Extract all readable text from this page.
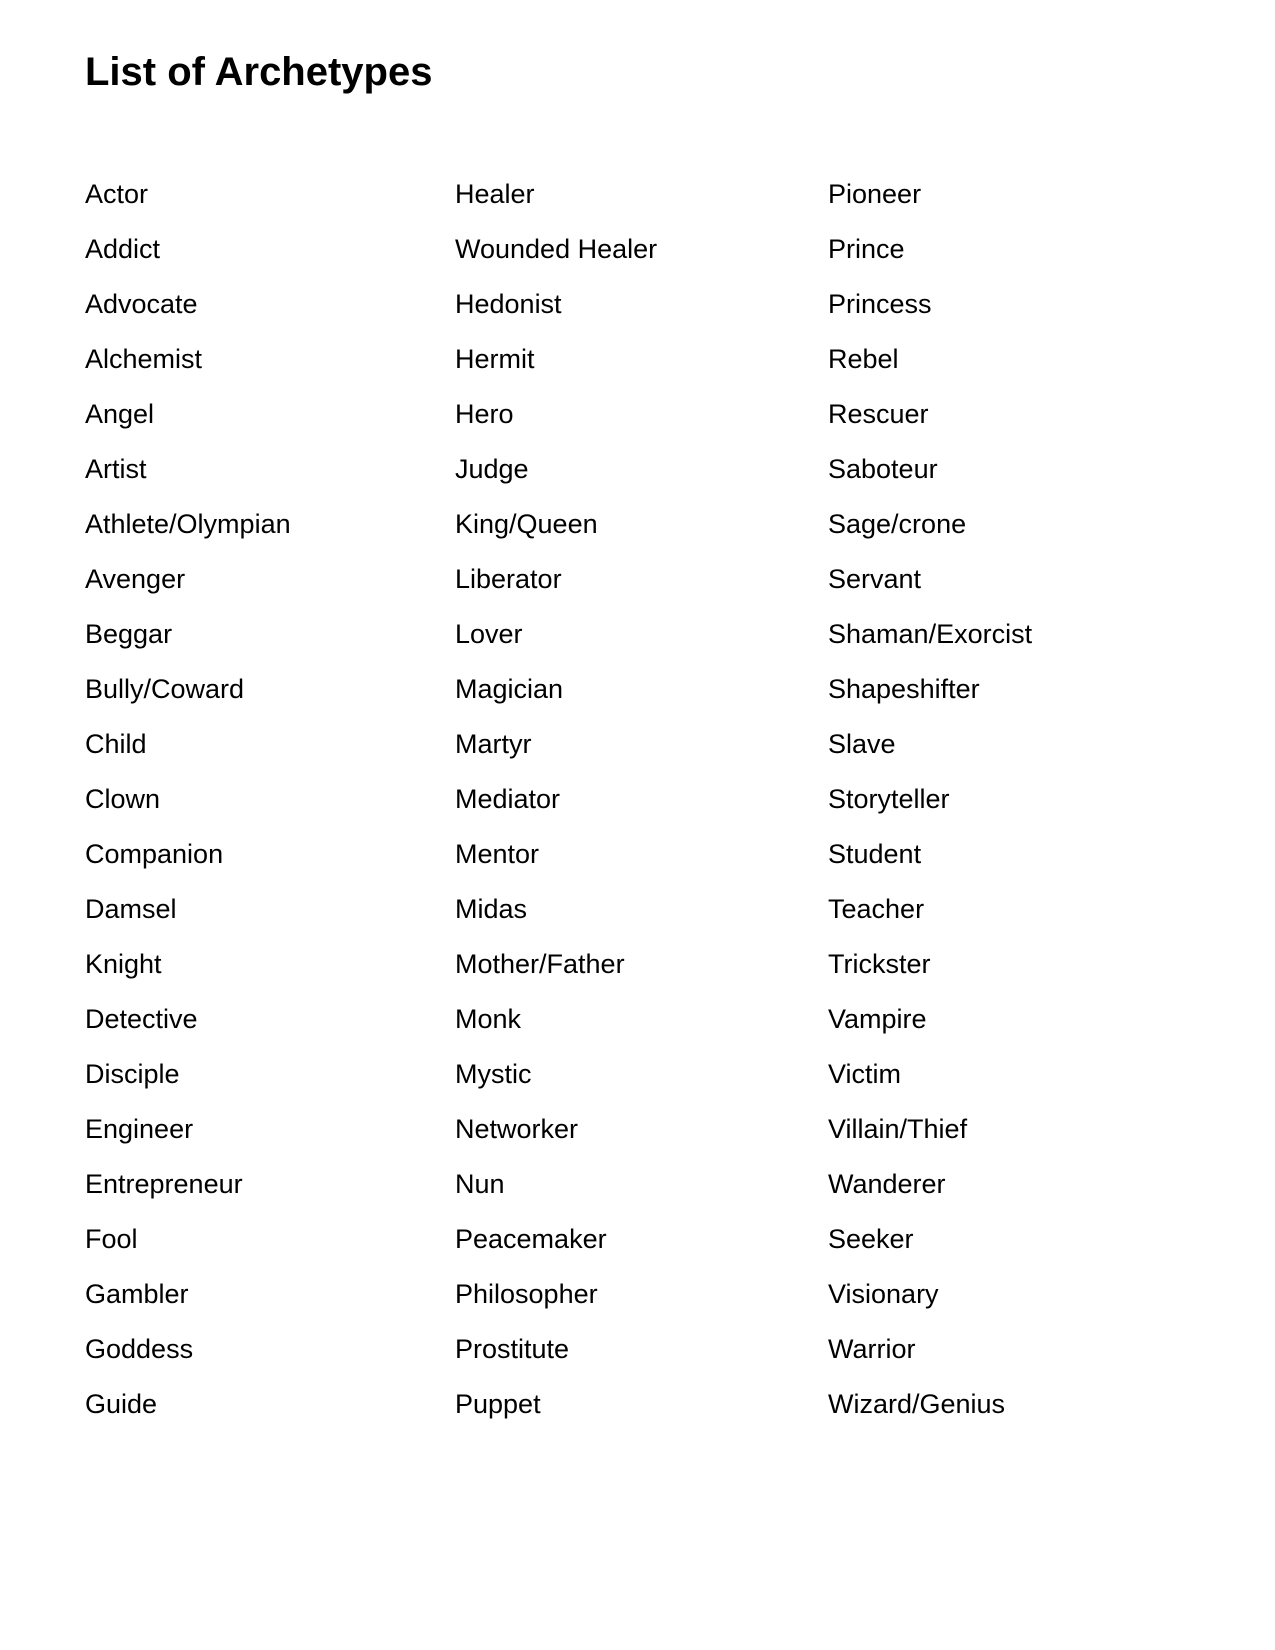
List of Archetypes
Actor
Addict
Advocate
Alchemist
Angel
Artist
Athlete/Olympian
Avenger
Beggar
Bully/Coward
Child
Clown
Companion
Damsel
Knight
Detective
Disciple
Engineer
Entrepreneur
Fool
Gambler
Goddess
Guide
Healer
Wounded Healer
Hedonist
Hermit
Hero
Judge
King/Queen
Liberator
Lover
Magician
Martyr
Mediator
Mentor
Midas
Mother/Father
Monk
Mystic
Networker
Nun
Peacemaker
Philosopher
Prostitute
Puppet
Pioneer
Prince
Princess
Rebel
Rescuer
Saboteur
Sage/crone
Servant
Shaman/Exorcist
Shapeshifter
Slave
Storyteller
Student
Teacher
Trickster
Vampire
Victim
Villain/Thief
Wanderer
Seeker
Visionary
Warrior
Wizard/Genius
